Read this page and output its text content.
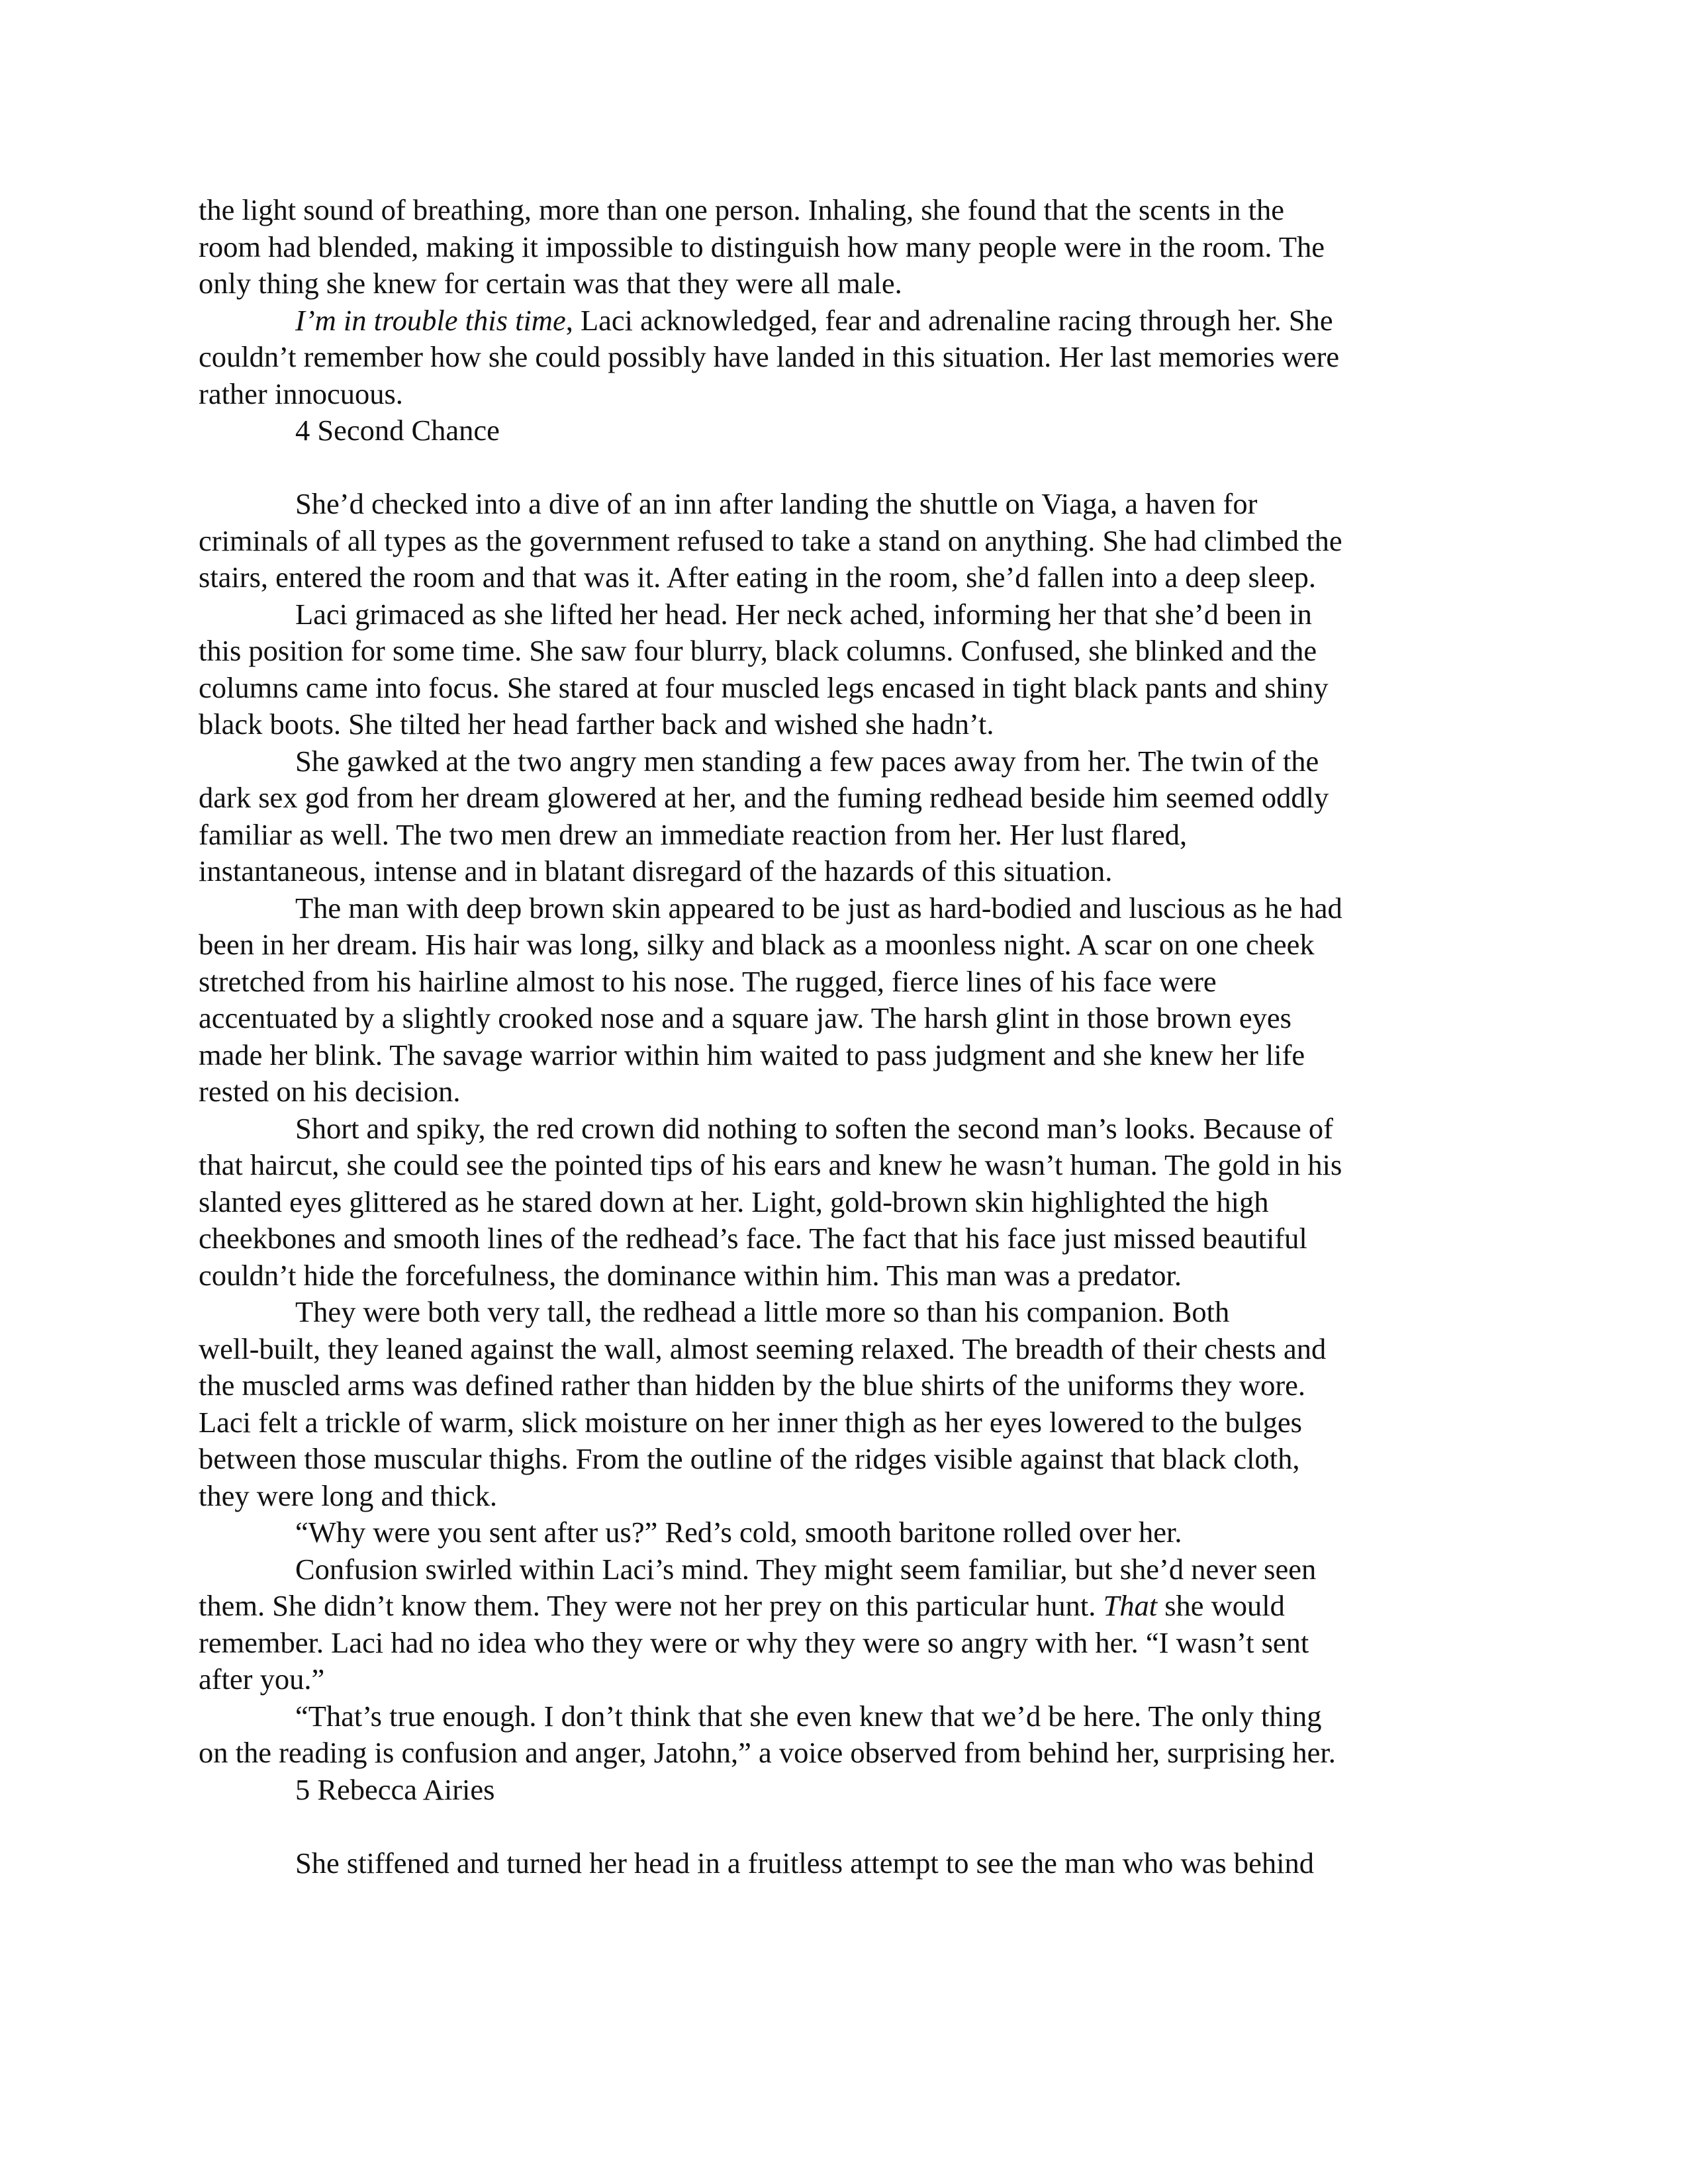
the light sound of breathing, more than one person. Inhaling, she found that the scents in the
room had blended, making it impossible to distinguish how many people were in the room. The
only thing she knew for certain was that they were all male.

I’m in trouble this time, Laci acknowledged, fear and adrenaline racing through her. She
couldn’t remember how she could possibly have landed in this situation. Her last memories were
rather innocuous.

4 Second Chance

She’d checked into a dive of an inn after landing the shuttle on Viaga, a haven for
criminals of all types as the government refused to take a stand on anything. She had climbed the
stairs, entered the room and that was it. After eating in the room, she’d fallen into a deep sleep.

Laci grimaced as she lifted her head. Her neck ached, informing her that she’d been in
this position for some time. She saw four blurry, black columns. Confused, she blinked and the
columns came into focus. She stared at four muscled legs encased in tight black pants and shiny
black boots. She tilted her head farther back and wished she hadn’t.

She gawked at the two angry men standing a few paces away from her. The twin of the
dark sex god from her dream glowered at her, and the fuming redhead beside him seemed oddly
familiar as well. The two men drew an immediate reaction from her. Her lust flared,
instantaneous, intense and in blatant disregard of the hazards of this situation.

The man with deep brown skin appeared to be just as hard-bodied and luscious as he had
been in her dream. His hair was long, silky and black as a moonless night. A scar on one cheek
stretched from his hairline almost to his nose. The rugged, fierce lines of his face were
accentuated by a slightly crooked nose and a square jaw. The harsh glint in those brown eyes
made her blink. The savage warrior within him waited to pass judgment and she knew her life
rested on his decision.

Short and spiky, the red crown did nothing to soften the second man’s looks. Because of
that haircut, she could see the pointed tips of his ears and knew he wasn’t human. The gold in his
slanted eyes glittered as he stared down at her. Light, gold-brown skin highlighted the high
cheekbones and smooth lines of the redhead’s face. The fact that his face just missed beautiful
couldn’t hide the forcefulness, the dominance within him. This man was a predator.

They were both very tall, the redhead a little more so than his companion. Both
well-built, they leaned against the wall, almost seeming relaxed. The breadth of their chests and
the muscled arms was defined rather than hidden by the blue shirts of the uniforms they wore.
Laci felt a trickle of warm, slick moisture on her inner thigh as her eyes lowered to the bulges
between those muscular thighs. From the outline of the ridges visible against that black cloth,
they were long and thick.

“Why were you sent after us?” Red’s cold, smooth baritone rolled over her.

Confusion swirled within Laci’s mind. They might seem familiar, but she’d never seen
them. She didn’t know them. They were not her prey on this particular hunt. That she would
remember. Laci had no idea who they were or why they were so angry with her. “I wasn’t sent
after you.”

“That’s true enough. I don’t think that she even knew that we’d be here. The only thing
on the reading is confusion and anger, Jatohn,” a voice observed from behind her, surprising her.

5 Rebecca Airies

She stiffened and turned her head in a fruitless attempt to see the man who was behind
